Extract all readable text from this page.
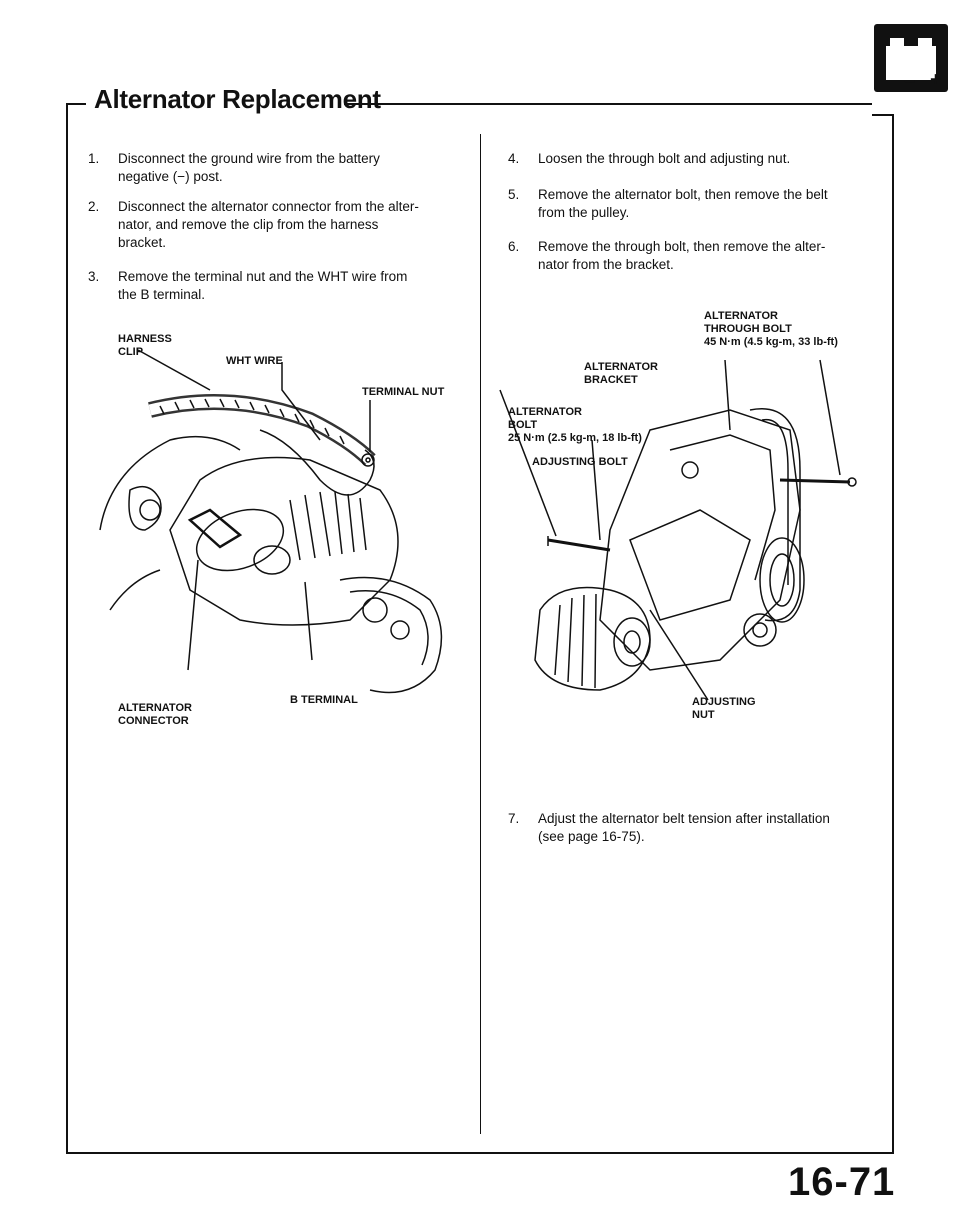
− +
Alternator Replacement
1. Disconnect the ground wire from the battery
negative (−) post.
2. Disconnect the alternator connector from the alter-
nator, and remove the clip from the harness
bracket.
3. Remove the terminal nut and the WHT wire from
the B terminal.
4. Loosen the through bolt and adjusting nut.
5. Remove the alternator bolt, then remove the belt
from the pulley.
6. Remove the through bolt, then remove the alter-
nator from the bracket.
HARNESS
CLIP
WHT WIRE
TERMINAL NUT
ALTERNATOR
CONNECTOR
B TERMINAL
ALTERNATOR
THROUGH BOLT
45 N·m (4.5 kg-m, 33 lb-ft)
ALTERNATOR
BRACKET
ALTERNATOR
BOLT
25 N·m (2.5 kg-m, 18 lb-ft)
ADJUSTING BOLT
ADJUSTING
NUT
7. Adjust the alternator belt tension after installation
(see page 16-75).
16-71
